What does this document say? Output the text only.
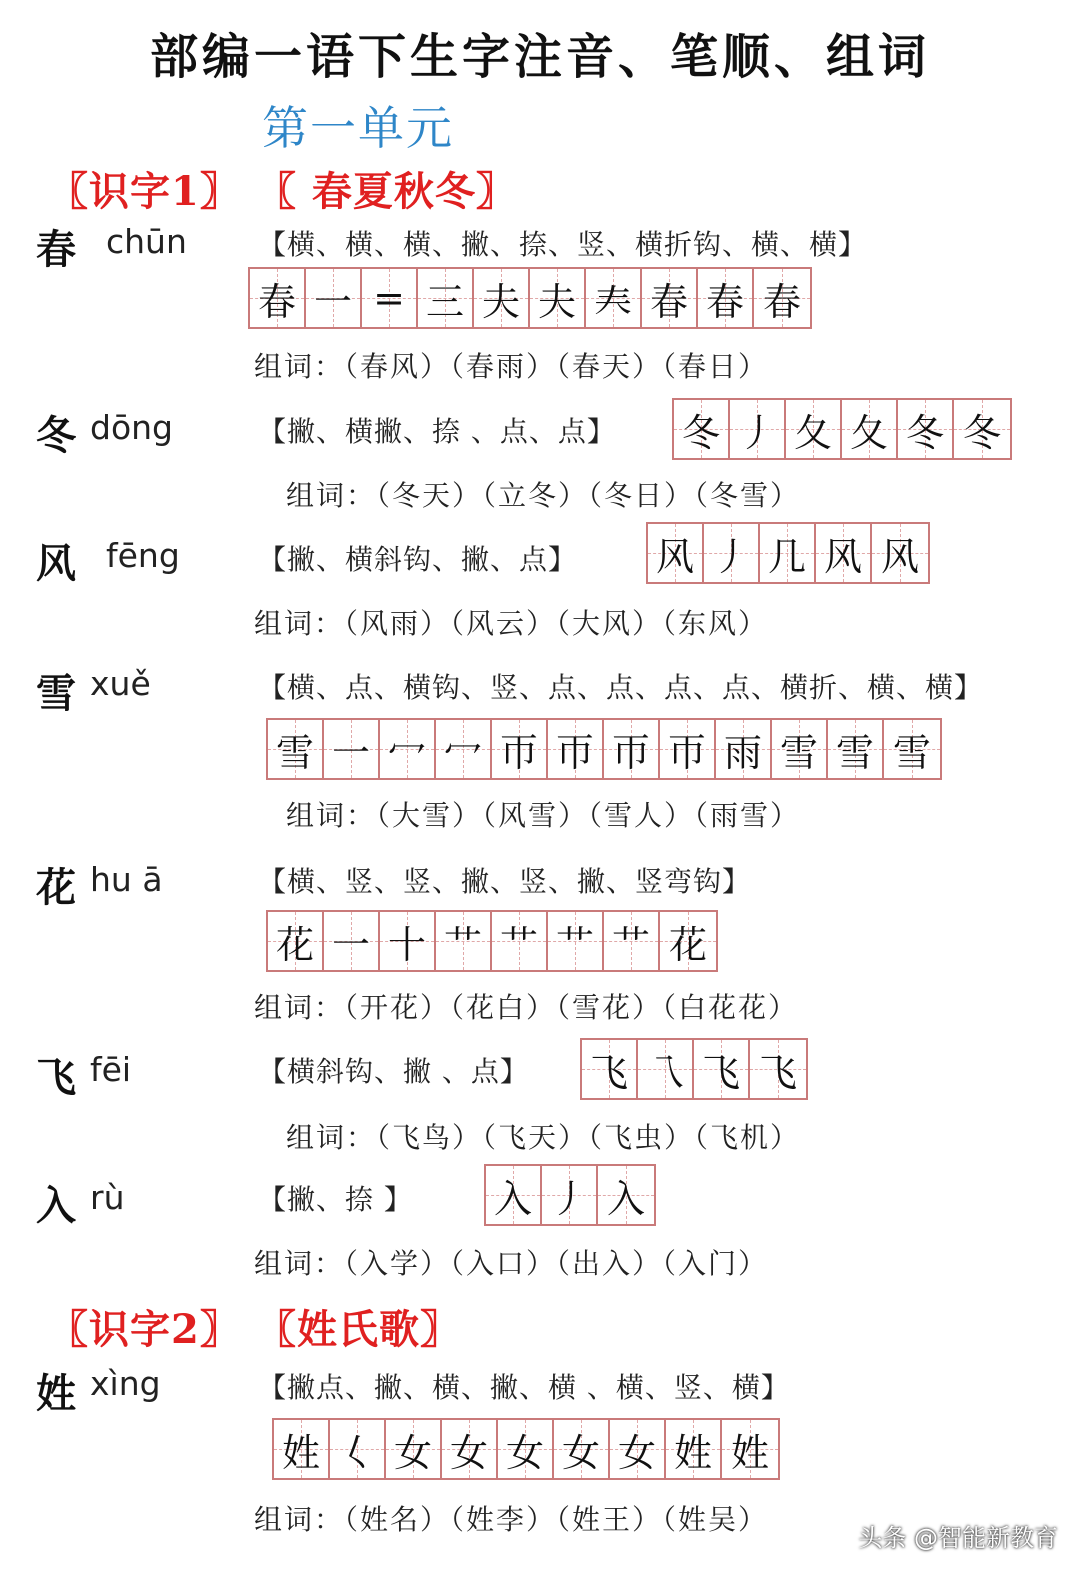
部编一语下生字注音、笔顺、组词
第一单元
〖识字1〗 〖 春夏秋冬〗
春 chūn	【横、横、横、撇、捺、竖、横折钩、横、横】
春 一 = 三 夫 夫 𡗗 春 春 春
组词：（春风）（春雨）（春天）（春日）
冬 dōng	【撇、横撇、捺 、点、点】 冬 丿 夂 夂 冬 冬
组词：（冬天）（立冬）（冬日）（冬雪）
风 fēng	【撇、横斜钩、撇、点】 风 丿 几 风 风
组词：（风雨）（风云）（大风）（东风）
雪 xuě	【横、点、横钩、竖、点、点、点、点、横折、横、横】
雪 一 冖 冖 帀 帀 帀 帀 雨 雪 雪 雪
组词：（大雪）（风雪）（雪人）（雨雪）
花 hu ā	【横、竖、竖、撇、竖、撇、竖弯钩】
花 一 十 艹 艹 艹 艹 花
组词：（开花）（花白）（雪花）（白花花）
飞 fēi	【横斜钩、撇 、点】 飞 乁 飞 飞
组词：（飞鸟）（飞天）（飞虫）（飞机）
入 rù	【撇、捺 】 入 丿 入
组词：（入学）（入口）（出入）（入门）
〖识字2〗 〖姓氏歌〗
姓 xìng	【撇点、撇、横、撇、横 、横、竖、横】
姓 𡿨 女 女 女 女 女 姓 姓
组词：（姓名）（姓李）（姓王）（姓吴）
头条 @智能新教育
